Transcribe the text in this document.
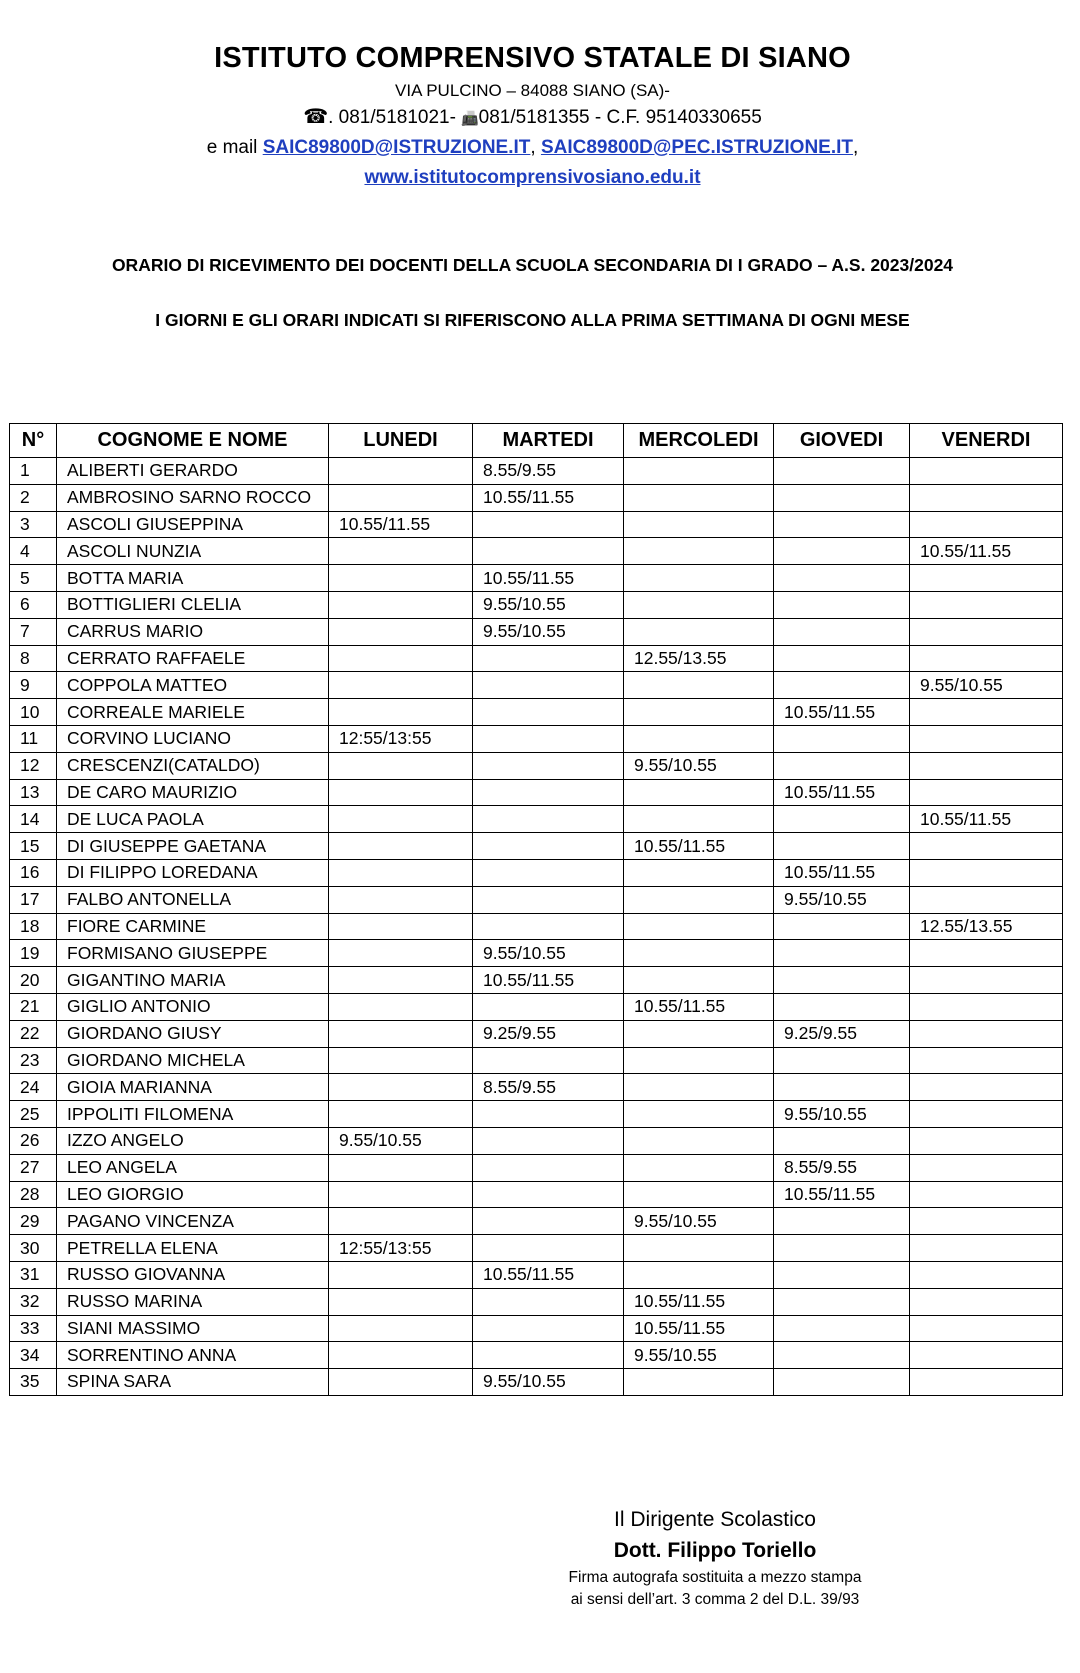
ISTITUTO COMPRENSIVO STATALE DI SIANO
VIA PULCINO – 84088 SIANO (SA)-
☎. 081/5181021- 📠081/5181355 - C.F. 95140330655
e mail SAIC89800D@ISTRUZIONE.IT, SAIC89800D@PEC.ISTRUZIONE.IT,
www.istitutocomprensivosiano.edu.it
ORARIO DI RICEVIMENTO DEI DOCENTI DELLA SCUOLA SECONDARIA DI I GRADO – A.S. 2023/2024
I GIORNI E GLI ORARI INDICATI SI RIFERISCONO ALLA PRIMA SETTIMANA DI OGNI MESE
N°	COGNOME E NOME	LUNEDI	MARTEDI	MERCOLEDI	GIOVEDI	VENERDI
1	ALIBERTI GERARDO		8.55/9.55			
2	AMBROSINO SARNO ROCCO		10.55/11.55			
3	ASCOLI GIUSEPPINA	10.55/11.55				
4	ASCOLI NUNZIA					10.55/11.55
5	BOTTA MARIA		10.55/11.55			
6	BOTTIGLIERI CLELIA		9.55/10.55			
7	CARRUS MARIO		9.55/10.55			
8	CERRATO RAFFAELE			12.55/13.55		
9	COPPOLA MATTEO					9.55/10.55
10	CORREALE MARIELE				10.55/11.55	
11	CORVINO LUCIANO	12:55/13:55				
12	CRESCENZI(CATALDO)			9.55/10.55		
13	DE CARO MAURIZIO				10.55/11.55	
14	DE LUCA PAOLA					10.55/11.55
15	DI GIUSEPPE GAETANA			10.55/11.55		
16	DI FILIPPO LOREDANA				10.55/11.55	
17	FALBO ANTONELLA				9.55/10.55	
18	FIORE CARMINE					12.55/13.55
19	FORMISANO GIUSEPPE		9.55/10.55			
20	GIGANTINO MARIA		10.55/11.55			
21	GIGLIO ANTONIO			10.55/11.55		
22	GIORDANO GIUSY		9.25/9.55		9.25/9.55	
23	GIORDANO MICHELA					
24	GIOIA MARIANNA		8.55/9.55			
25	IPPOLITI FILOMENA				9.55/10.55	
26	IZZO ANGELO	9.55/10.55				
27	LEO ANGELA				8.55/9.55	
28	LEO GIORGIO				10.55/11.55	
29	PAGANO VINCENZA			9.55/10.55		
30	PETRELLA ELENA	12:55/13:55				
31	RUSSO GIOVANNA		10.55/11.55			
32	RUSSO MARINA			10.55/11.55		
33	SIANI MASSIMO			10.55/11.55		
34	SORRENTINO ANNA			9.55/10.55		
35	SPINA SARA		9.55/10.55			
Il Dirigente Scolastico
Dott. Filippo Toriello
Firma autografa sostituita a mezzo stampa
ai sensi dell’art. 3 comma 2 del D.L. 39/93
